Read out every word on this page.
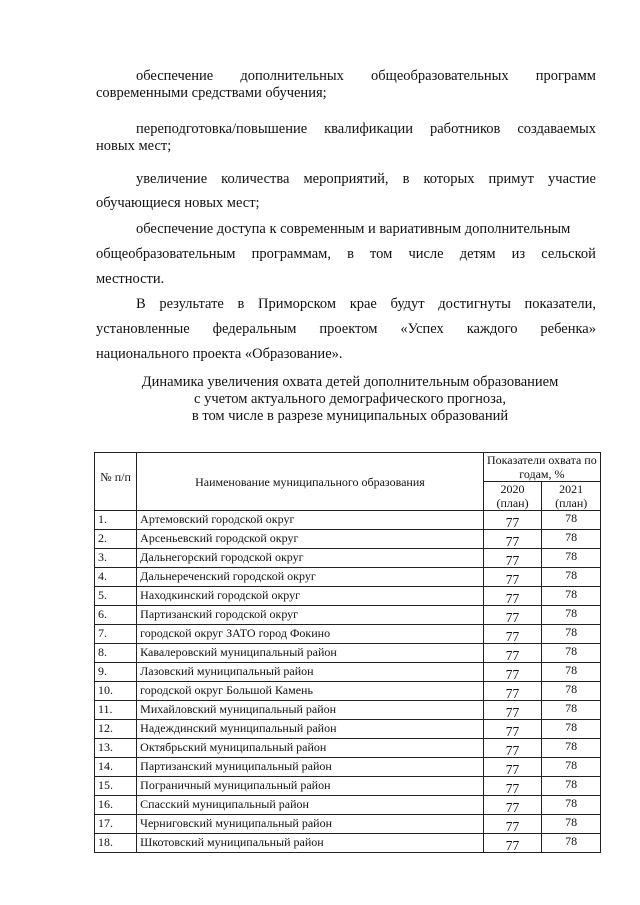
обеспечение дополнительных общеобразовательных программ
современными средствами обучения;
переподготовка/повышение квалификации работников создаваемых
новых мест;
увеличение количества мероприятий, в которых примут участие
обучающиеся новых мест;
обеспечение доступа к современным и вариативным дополнительным
общеобразовательным программам, в том числе детям из сельской
местности.
В результате в Приморском крае будут достигнуты показатели,
установленные федеральным проектом «Успех каждого ребенка»
национального проекта «Образование».
Динамика увеличения охвата детей дополнительным образованием
с учетом актуального демографического прогноза,
в том числе в разрезе муниципальных образований
№ п/п	Наименование муниципального образования	Показатели охвата по годам, %	
		2020 (план)	2021 (план)
1.	Артемовский городской округ	77	78
2.	Арсеньевский городской округ	77	78
3.	Дальнегорский городской округ	77	78
4.	Дальнереченский городской округ	77	78
5.	Находкинский городской округ	77	78
6.	Партизанский городской округ	77	78
7.	городской округ ЗАТО город Фокино	77	78
8.	Кавалеровский муниципальный район	77	78
9.	Лазовский муниципальный район	77	78
10.	городской округ Большой Камень	77	78
11.	Михайловский муниципальный район	77	78
12.	Надеждинский муниципальный район	77	78
13.	Октябрьский муниципальный район	77	78
14.	Партизанский муниципальный район	77	78
15.	Пограничный муниципальный район	77	78
16.	Спасский муниципальный район	77	78
17.	Черниговский муниципальный район	77	78
18.	Шкотовский муниципальный район	77	78
